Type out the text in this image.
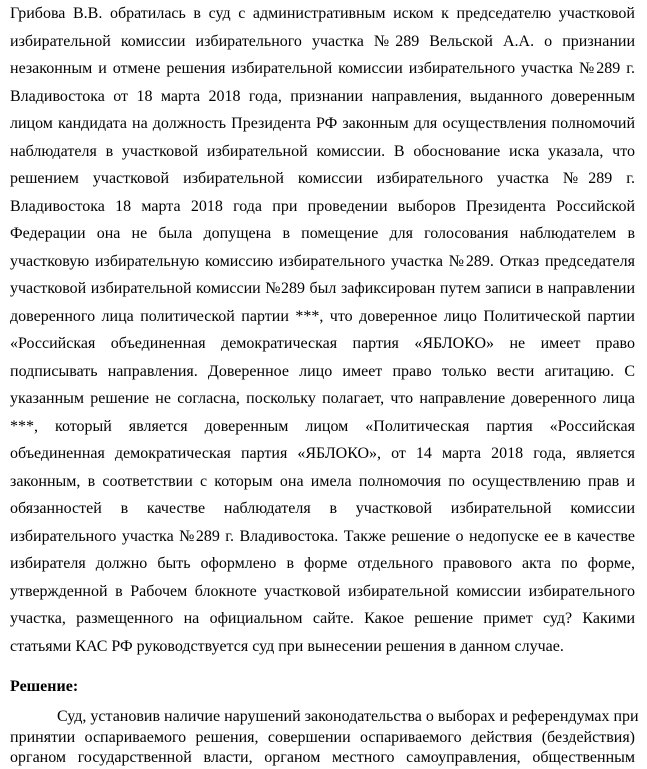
Грибова В.В. обратилась в суд с административным иском к председателю участковой
избирательной комиссии избирательного участка №289 Вельской А.А. о признании
незаконным и отмене решения избирательной комиссии избирательного участка №289 г.
Владивостока от 18 марта 2018 года, признании направления, выданного доверенным
лицом кандидата на должность Президента РФ законным для осуществления полномочий
наблюдателя в участковой избирательной комиссии. В обоснование иска указала, что
решением участковой избирательной комиссии избирательного участка №289 г.
Владивостока 18 марта 2018 года при проведении выборов Президента Российской
Федерации она не была допущена в помещение для голосования наблюдателем в
участковую избирательную комиссию избирательного участка №289. Отказ председателя
участковой избирательной комиссии №289 был зафиксирован путем записи в направлении
доверенного лица политической партии ***, что доверенное лицо Политической партии
«Российская объединенная демократическая партия «ЯБЛОКО» не имеет право
подписывать направления. Доверенное лицо имеет право только вести агитацию. С
указанным решение не согласна, поскольку полагает, что направление доверенного лица
***, который является доверенным лицом «Политическая партия «Российская
объединенная демократическая партия «ЯБЛОКО», от 14 марта 2018 года, является
законным, в соответствии с которым она имела полномочия по осуществлению прав и
обязанностей в качестве наблюдателя в участковой избирательной комиссии
избирательного участка №289 г. Владивостока. Также решение о недопуске ее в качестве
избирателя должно быть оформлено в форме отдельного правового акта по форме,
утвержденной в Рабочем блокноте участковой избирательной комиссии избирательного
участка, размещенного на официальном сайте. Какое решение примет суд? Какими
статьями КАС РФ руководствуется суд при вынесении решения в данном случае.
Решение:
Суд, установив наличие нарушений законодательства о выборах и референдумах при
принятии оспариваемого решения, совершении оспариваемого действия (бездействия)
органом государственной власти, органом местного самоуправления, общественным
